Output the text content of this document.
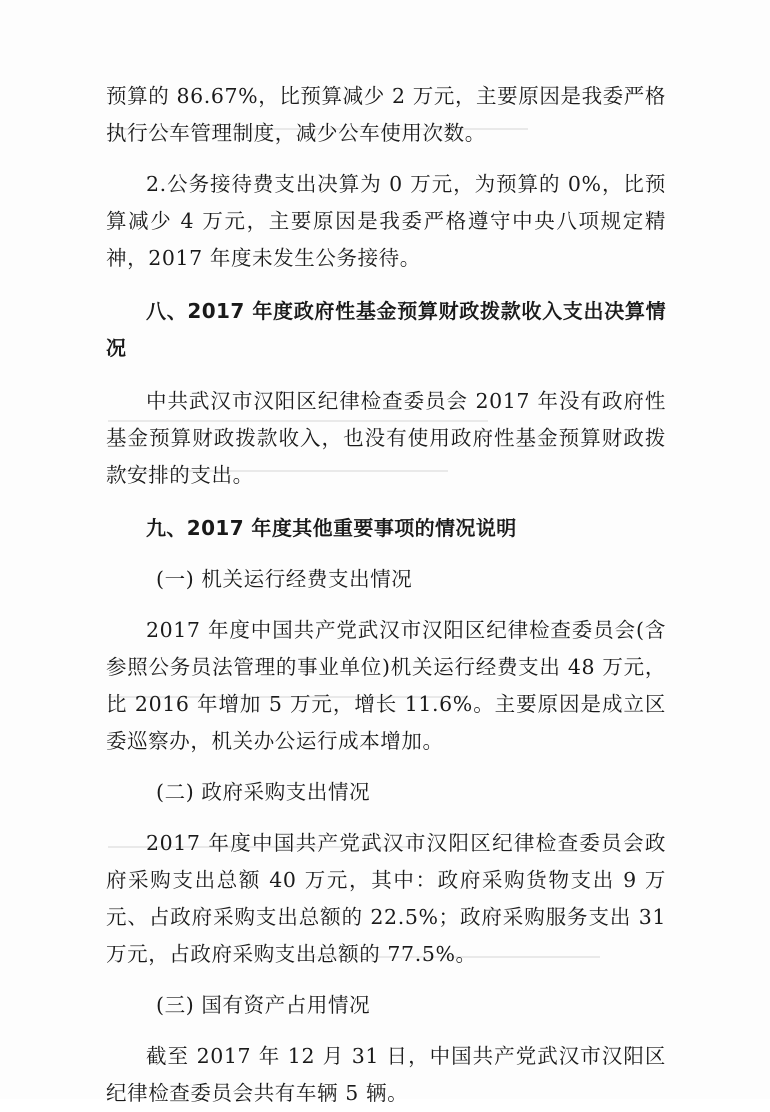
预算的 86.67%，比预算减少 2 万元，主要原因是我委严格执行公车管理制度，减少公车使用次数。

2.公务接待费支出决算为 0 万元，为预算的 0%，比预算减少 4 万元，主要原因是我委严格遵守中央八项规定精神，2017 年度未发生公务接待。

八、2017 年度政府性基金预算财政拨款收入支出决算情况

中共武汉市汉阳区纪律检查委员会 2017 年没有政府性基金预算财政拨款收入，也没有使用政府性基金预算财政拨款安排的支出。

九、2017 年度其他重要事项的情况说明

(一) 机关运行经费支出情况

2017 年度中国共产党武汉市汉阳区纪律检查委员会(含参照公务员法管理的事业单位)机关运行经费支出 48 万元，比 2016 年增加 5 万元，增长 11.6%。主要原因是成立区委巡察办，机关办公运行成本增加。

(二) 政府采购支出情况

2017 年度中国共产党武汉市汉阳区纪律检查委员会政府采购支出总额 40 万元，其中：政府采购货物支出 9 万元、占政府采购支出总额的 22.5%；政府采购服务支出 31 万元，占政府采购支出总额的 77.5%。

(三) 国有资产占用情况

截至 2017 年 12 月 31 日，中国共产党武汉市汉阳区纪律检查委员会共有车辆 5 辆。
